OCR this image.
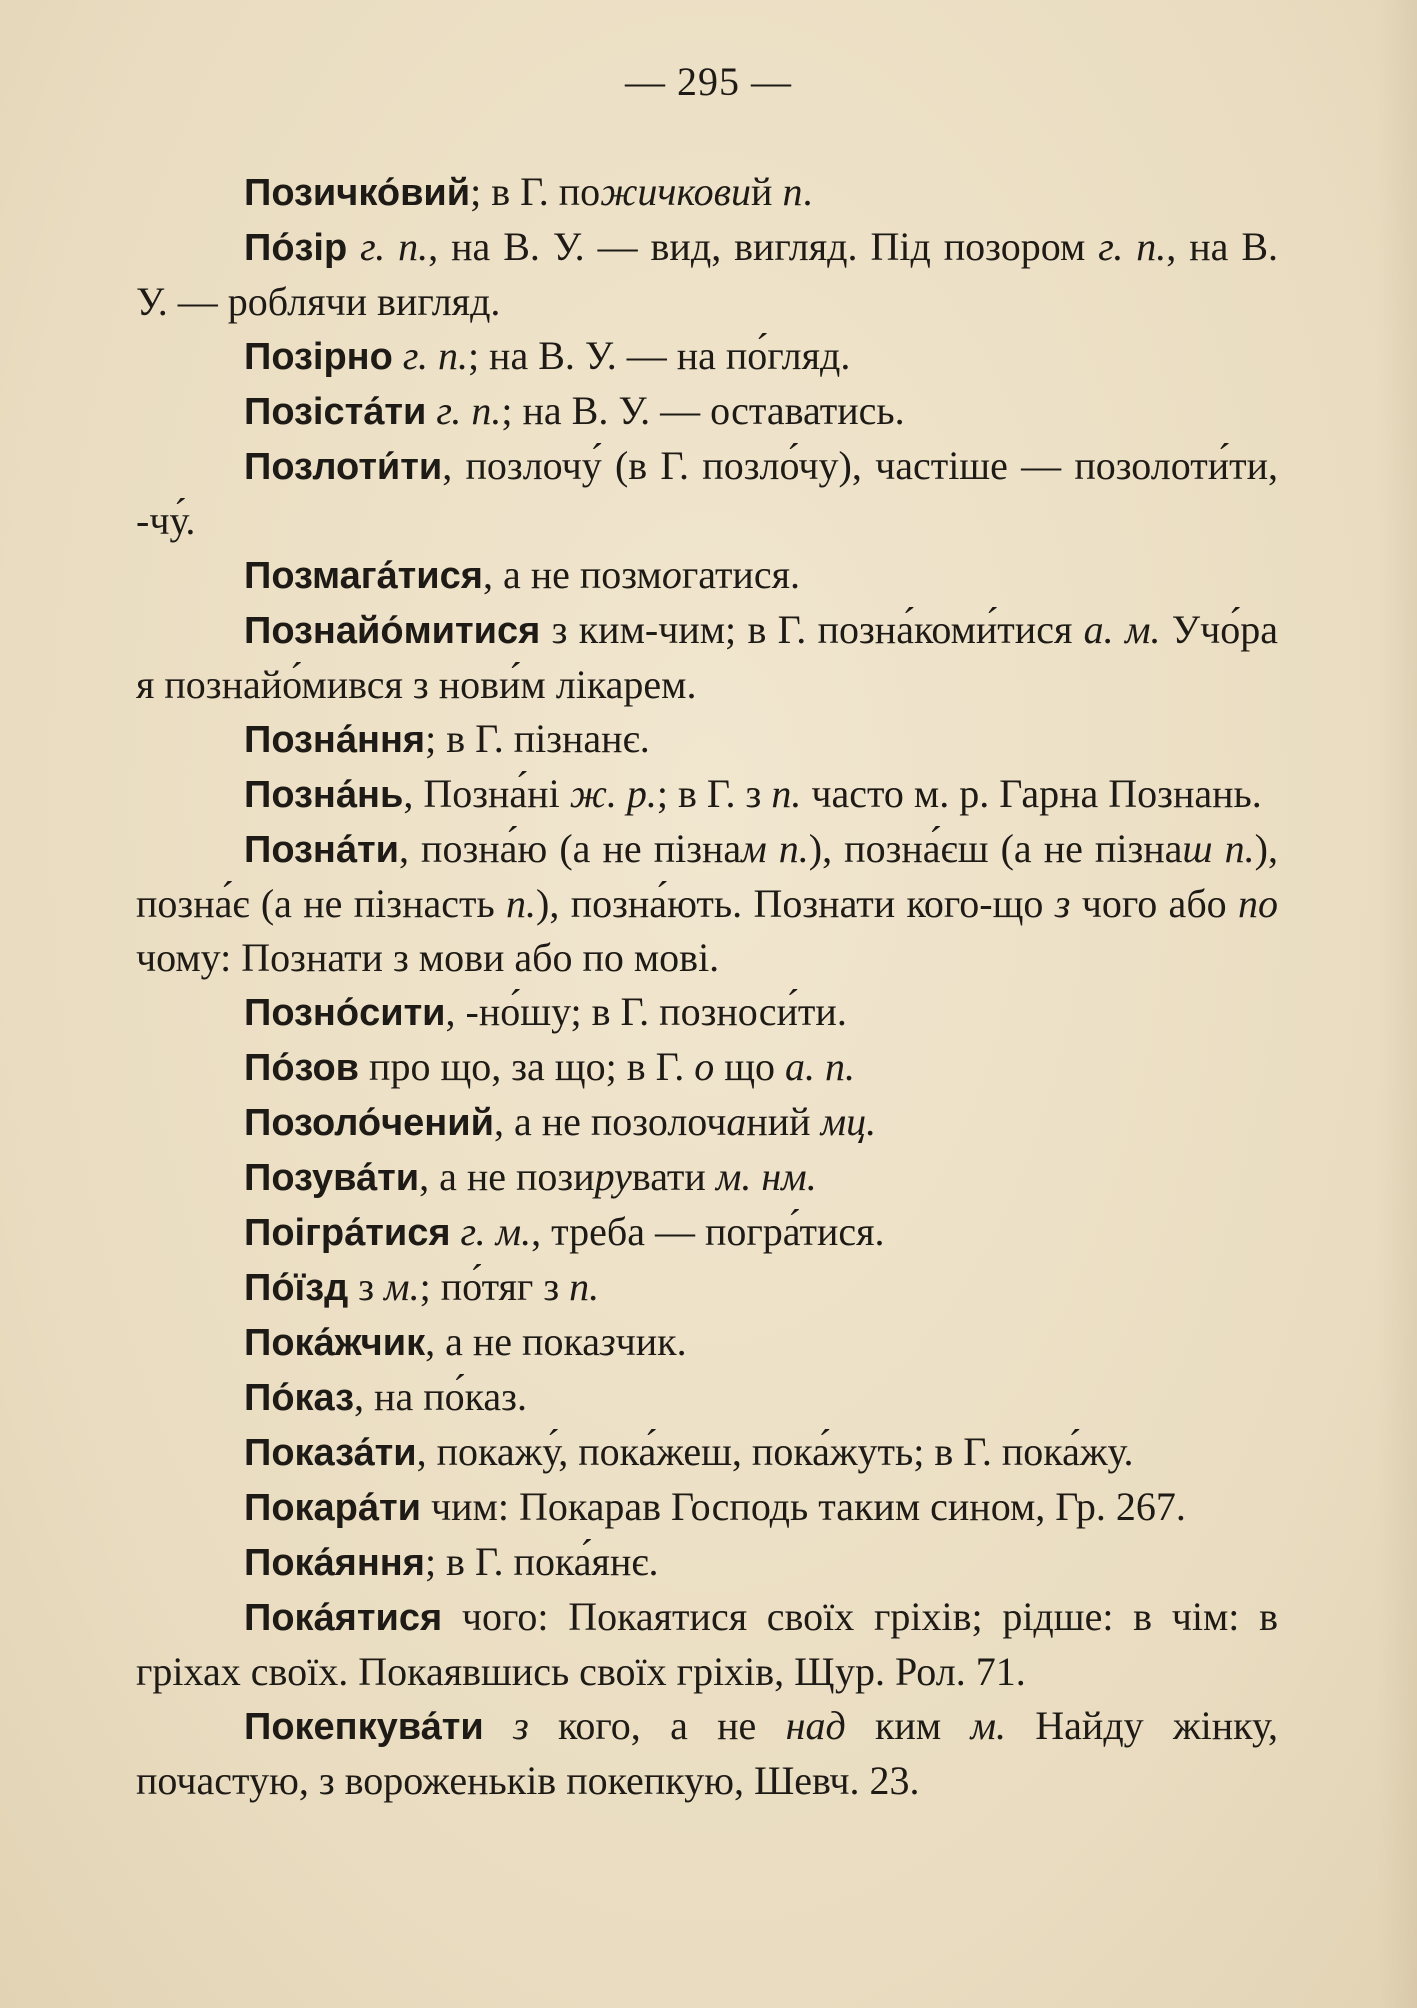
— 295 —

Позичко́вий; в Г. пожичковий п.

По́зір г. п., на В. У. — вид, вигляд. Під позором г. п., на В. У. — роблячи вигляд.

Позірно г. п.; на В. У. — на по́гляд.

Позіста́ти г. п.; на В. У. — оставатись.

Позлоти́ти, позлочу́ (в Г. позло́чу), частіше — позолоти́ти, -чу́.

Позмага́тися, а не позмогатися.

Познайо́митися з ким-чим; в Г. позна́коми́тися а. м. Учо́ра я познайо́мився з нови́м лікарем.

Позна́ння; в Г. пізнанє.

Позна́нь, Позна́ні ж. р.; в Г. з п. часто м. р. Гарна Познань.

Позна́ти, позна́ю (а не пізнам п.), позна́єш (а не пізнаш п.), позна́є (а не пізнасть п.), позна́ють. Познати кого-що з чого або по чому: Познати з мови або по мові.

Позно́сити, -но́шу; в Г. позноси́ти.

По́зов про що, за що; в Г. о що а. п.

Позоло́чений, а не позолочаний мц.

Позува́ти, а не позирувати м. нм.

Поігра́тися г. м., треба — погра́тися.

По́їзд з м.; по́тяг з п.

Пока́жчик, а не показчик.

По́каз, на по́каз.

Показа́ти, покажу́, пока́жеш, пока́жуть; в Г. пока́жу.

Покара́ти чим: Покарав Господь таким сином, Гр. 267.

Пока́яння; в Г. пока́янє.

Пока́ятися чого: Покаятися своїх гріхів; рідше: в чім: в гріхах своїх. Покаявшись своїх гріхів, Щур. Рол. 71.

Покепкува́ти з кого, а не над ким м. Найду жінку, почастую, з вороженьків покепкую, Шевч. 23.
